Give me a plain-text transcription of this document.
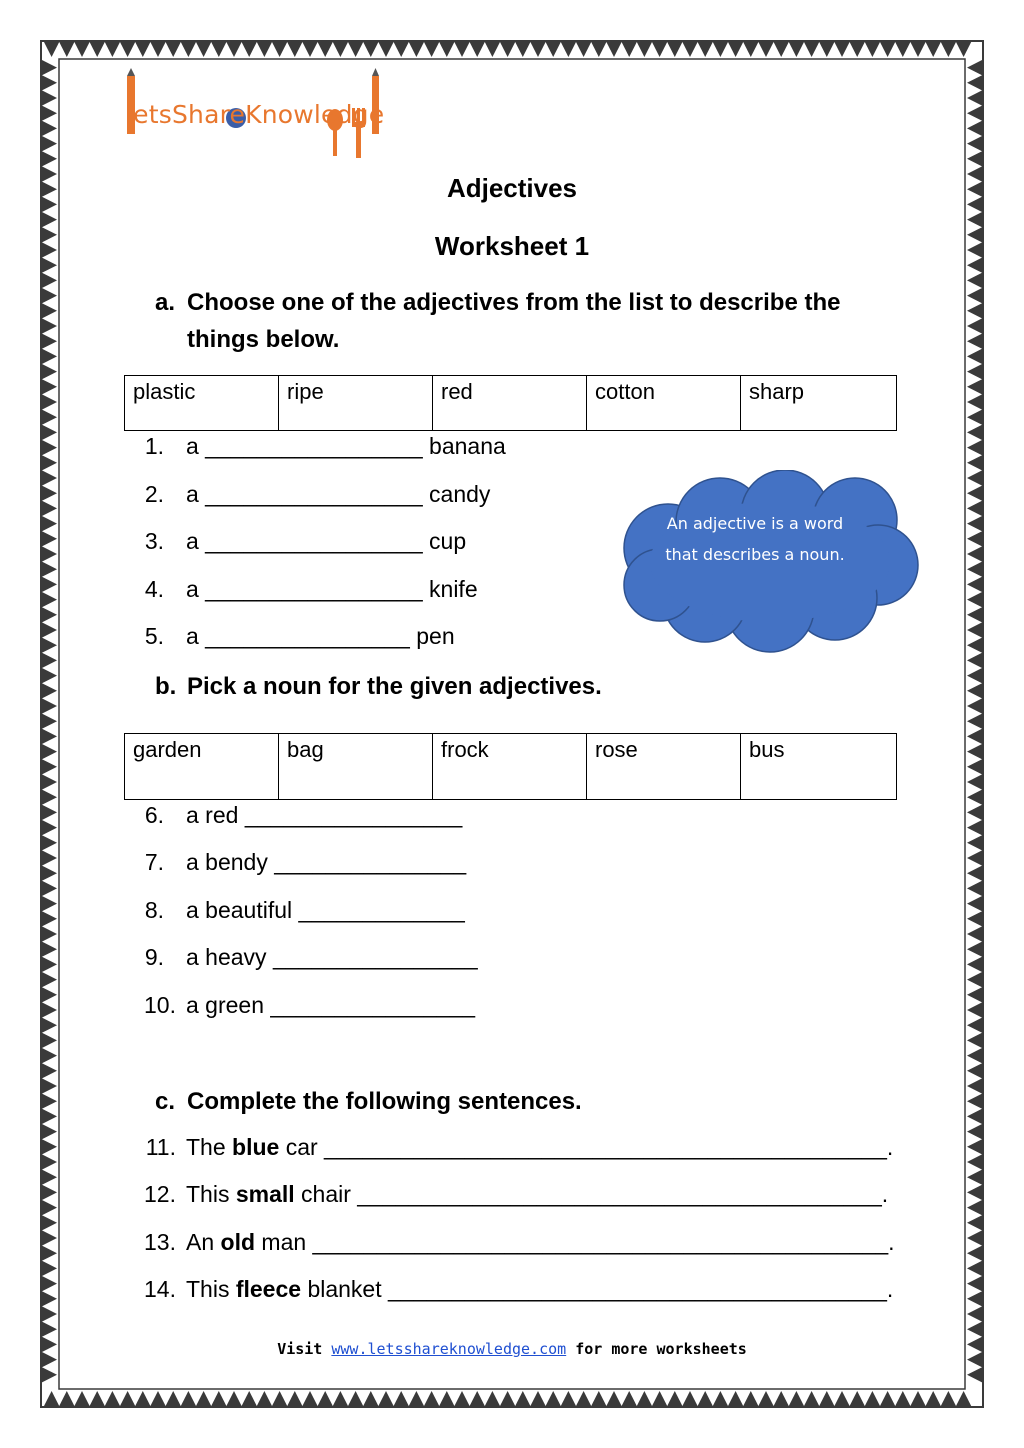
letsShareKnowledge
Adjectives
Worksheet 1
a. Choose one of the adjectives from the list to describe the things below.
plastic	ripe	red	cotton	sharp
1. a _________________ banana
2. a _________________ candy
3. a _________________ cup
4. a _________________ knife
5. a ________________ pen
An adjective is a word that describes a noun.
b. Pick a noun for the given adjectives.
garden	bag	frock	rose	bus
6. a red _________________
7. a bendy _______________
8. a beautiful _____________
9. a heavy ________________
10. a green ________________
c. Complete the following sentences.
11. The blue car ____________________________________________.
12. This small chair _________________________________________.
13. An old man _____________________________________________.
14. This fleece blanket _______________________________________.
Visit www.letsshareknowledge.com for more worksheets
